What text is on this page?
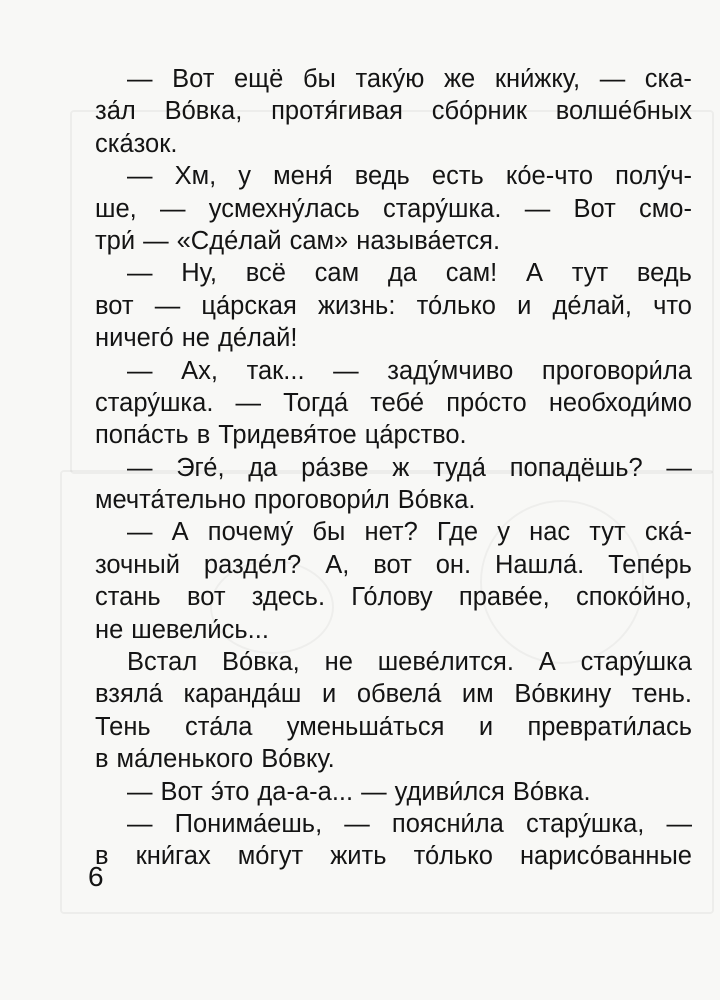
— Вот ещё бы таку́ю же кни́жку, — ска-
за́л Во́вка, протя́гивая сбо́рник волше́бных
ска́зок.
— Хм, у меня́ ведь есть ко́е-что полу́ч-
ше, — усмехну́лась стару́шка. — Вот смо-
три́ — «Сде́лай сам» называ́ется.
— Ну, всё сам да сам! А тут ведь
вот — ца́рская жизнь: то́лько и де́лай, что
ничего́ не де́лай!
— Ах, так... — заду́мчиво проговори́ла
стару́шка. — Тогда́ тебе́ про́сто необходи́мо
попа́сть в Тридевя́тое ца́рство.
— Эге́, да ра́зве ж туда́ попадёшь? —
мечта́тельно проговори́л Во́вка.
— А почему́ бы нет? Где у нас тут ска́-
зочный разде́л? А, вот он. Нашла́. Тепе́рь
стань вот здесь. Го́лову праве́е, споко́йно,
не шевели́сь...
Встал Во́вка, не шеве́лится. А стару́шка
взяла́ каранда́ш и обвела́ им Во́вкину тень.
Тень ста́ла уменьша́ться и преврати́лась
в ма́ленького Во́вку.
— Вот э́то да-а-а... — удиви́лся Во́вка.
— Понима́ешь, — поясни́ла стару́шка, —
в кни́гах мо́гут жить то́лько нарисо́ванные
6
